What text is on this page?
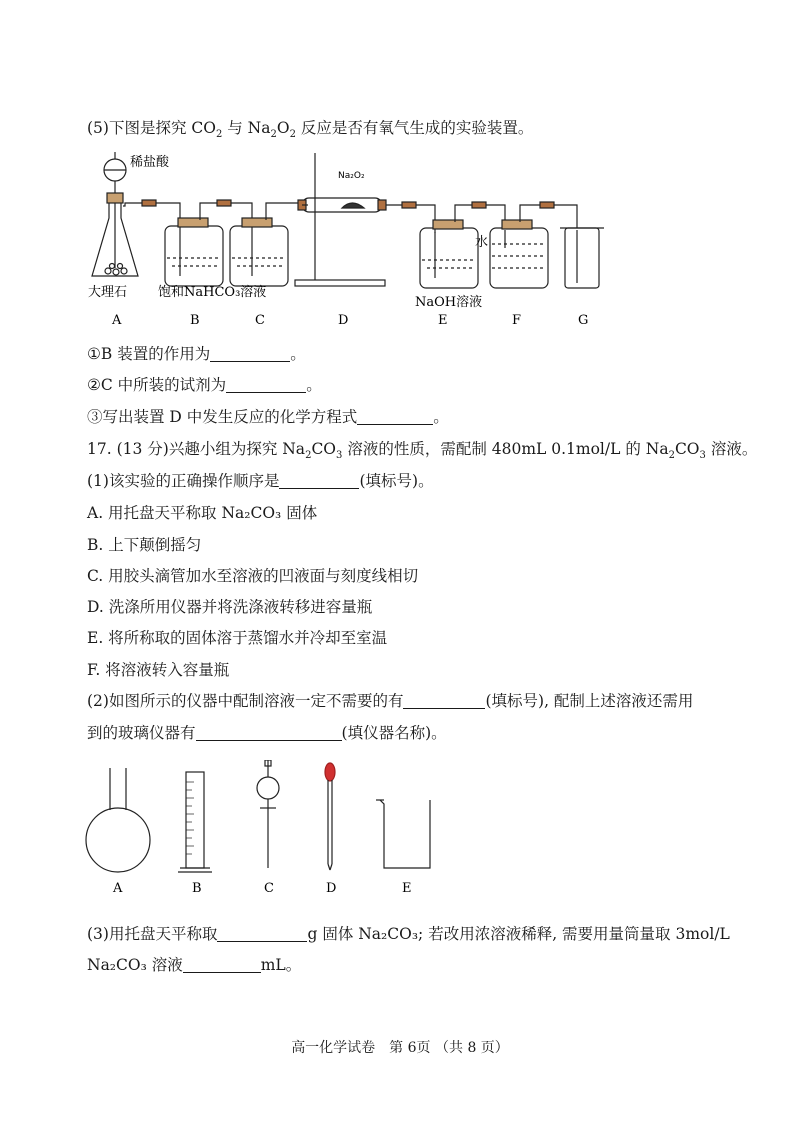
(5)下图是探究 $CO_2$ 与 $Na_2O_2$ 反应是否有氧气生成的实验装置。
稀盐酸
Na₂O₂
大理石 饱和NaHCO₃溶液
水
NaOH溶液
A	B	C	D	E	F	G
①B 装置的作用为	。
②C 中所装的试剂为	。
③写出装置 D 中发生反应的化学方程式	。
17. (13 分)兴趣小组为探究 $Na_2CO_3$ 溶液的性质，需配制 480mL 0.1mol/L 的 $Na_2CO_3$ 溶液。
(1)该实验的正确操作顺序是	(填标号)。
A. 用托盘天平称取 Na₂CO₃ 固体
B. 上下颠倒摇匀
C. 用胶头滴管加水至溶液的凹液面与刻度线相切
D. 洗涤所用仪器并将洗涤液转移进容量瓶
E. 将所称取的固体溶于蒸馏水并冷却至室温
F. 将溶液转入容量瓶
(2)如图所示的仪器中配制溶液一定不需要的有	(填标号), 配制上述溶液还需用
到的玻璃仪器有	(填仪器名称)。
A	B	C	D	E
(3)用托盘天平称取	g 固体 Na₂CO₃; 若改用浓溶液稀释, 需要用量筒量取 3mol/L
Na₂CO₃ 溶液	mL。
高一化学试卷　第 6页 （共 8 页）
